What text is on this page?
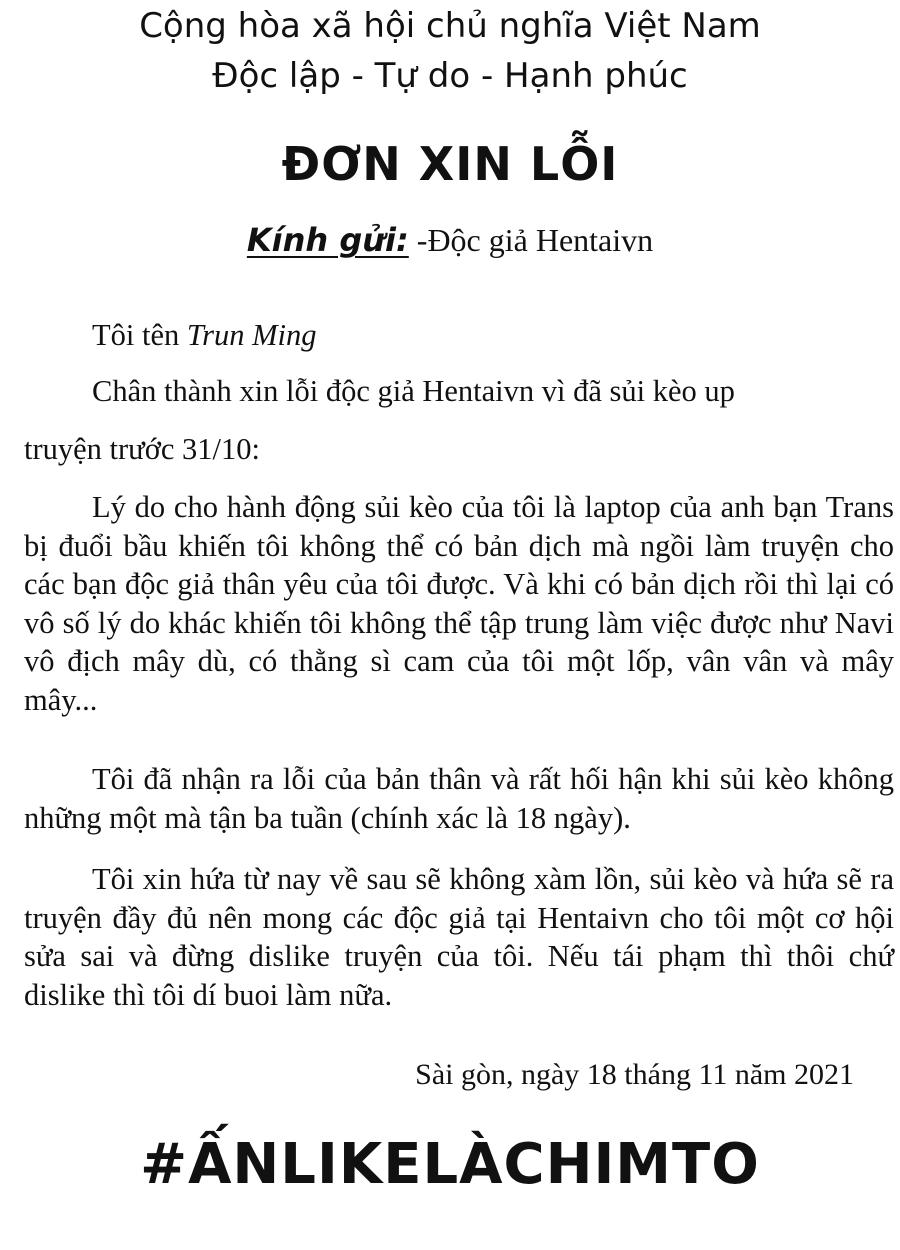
Cộng hòa xã hội chủ nghĩa Việt Nam
Độc lập - Tự do - Hạnh phúc
ĐƠN XIN LỖI
Kính gửi: -Độc giả Hentaivn
Tôi tên Trun Ming
Chân thành xin lỗi độc giả Hentaivn vì đã sủi kèo up
truyện trước 31/10:
Lý do cho hành động sủi kèo của tôi là laptop của anh bạn Trans bị đuổi bầu khiến tôi không thể có bản dịch mà ngồi làm truyện cho các bạn độc giả thân yêu của tôi được. Và khi có bản dịch rồi thì lại có vô số lý do khác khiến tôi không thể tập trung làm việc được như Navi vô địch mây dù, có thằng sì cam của tôi một lốp, vân vân và mây mây...
Tôi đã nhận ra lỗi của bản thân và rất hối hận khi sủi kèo không những một mà tận ba tuần (chính xác là 18 ngày).
Tôi xin hứa từ nay về sau sẽ không xàm lồn, sủi kèo và hứa sẽ ra truyện đầy đủ nên mong các độc giả tại Hentaivn cho tôi một cơ hội sửa sai và đừng dislike truyện của tôi. Nếu tái phạm thì thôi chứ dislike thì tôi dí buoi làm nữa.
Sài gòn, ngày 18 tháng 11 năm 2021
#ẤNLIKELÀCHIMTO
